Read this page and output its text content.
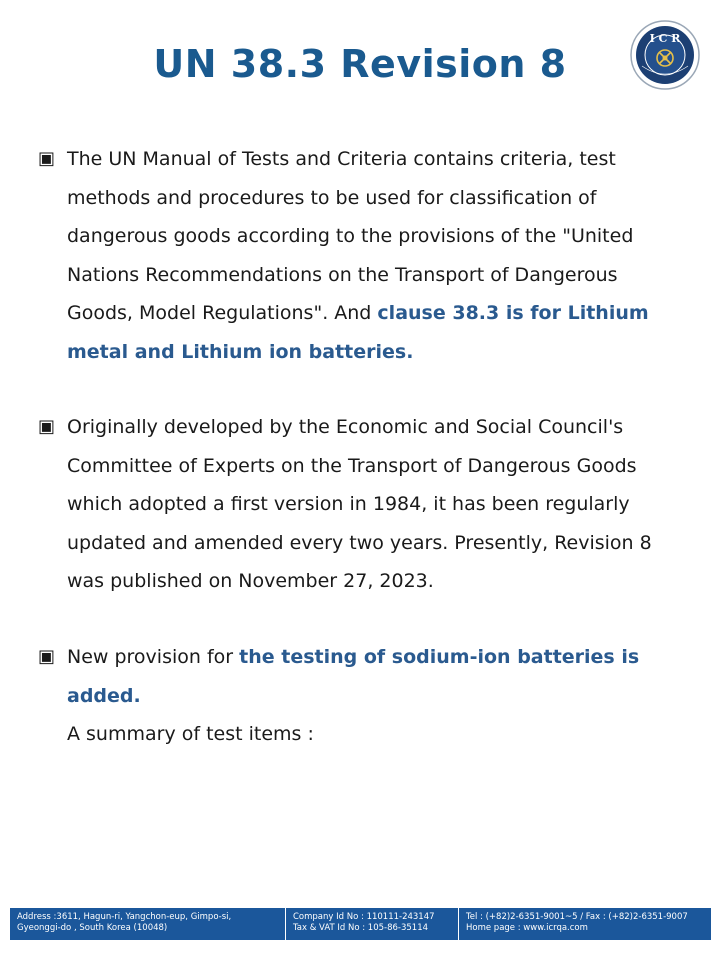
UN 38.3 Revision 8
I C R
▣ The UN Manual of Tests and Criteria contains criteria, test methods and procedures to be used for classification of dangerous goods according to the provisions of the "United Nations Recommendations on the Transport of Dangerous Goods, Model Regulations". And clause 38.3 is for Lithium metal and Lithium ion batteries.
▣ Originally developed by the Economic and Social Council's Committee of Experts on the Transport of Dangerous Goods which adopted a first version in 1984, it has been regularly updated and amended every two years. Presently, Revision 8 was published on November 27, 2023.
▣ New provision for the testing of sodium-ion batteries is added.
A summary of test items :
Address :3611, Hagun-ri, Yangchon-eup, Gimpo-si,
Gyeonggi-do , South Korea (10048)
Company Id No : 110111-243147
Tax & VAT Id No : 105-86-35114
Tel : (+82)2-6351-9001~5 / Fax : (+82)2-6351-9007
Home page : www.icrqa.com
